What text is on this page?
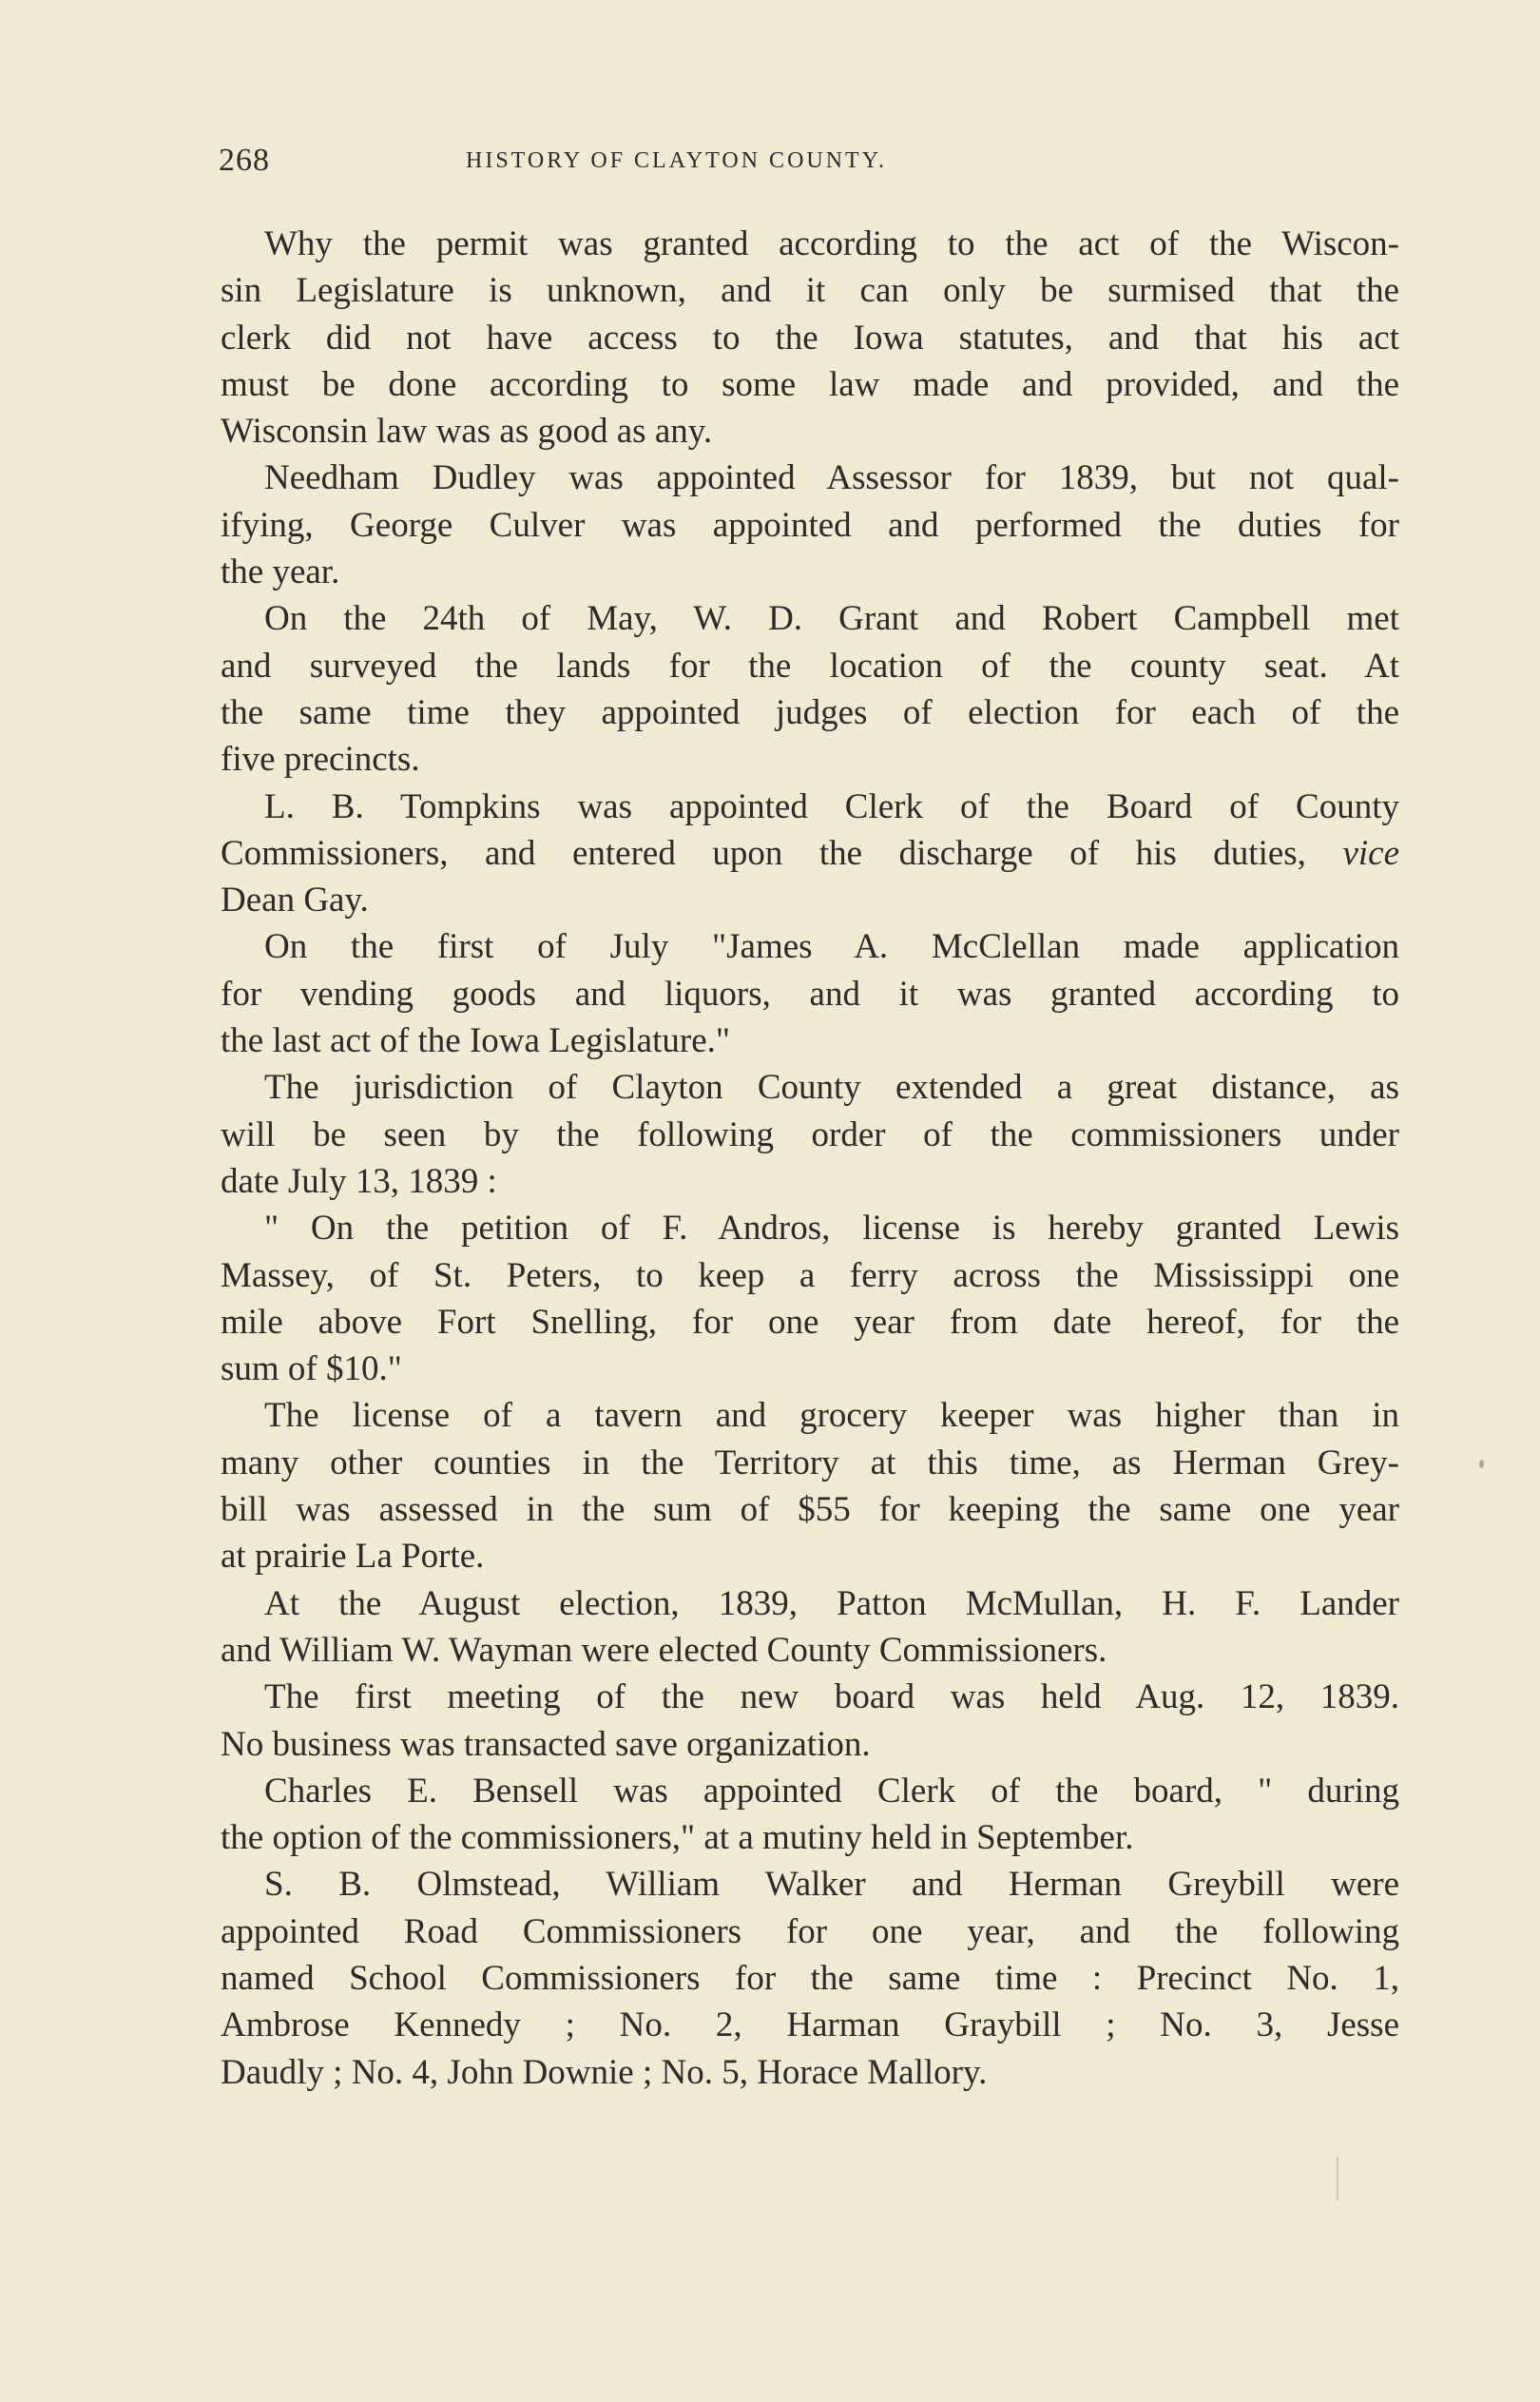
268	HISTORY OF CLAYTON COUNTY.
Why the permit was granted according to the act of the Wiscon-
sin Legislature is unknown, and it can only be surmised that the
clerk did not have access to the Iowa statutes, and that his act
must be done according to some law made and provided, and the
Wisconsin law was as good as any.
Needham Dudley was appointed Assessor for 1839, but not qual-
ifying, George Culver was appointed and performed the duties for
the year.
On the 24th of May, W. D. Grant and Robert Campbell met
and surveyed the lands for the location of the county seat. At
the same time they appointed judges of election for each of the
five precincts.
L. B. Tompkins was appointed Clerk of the Board of County
Commissioners, and entered upon the discharge of his duties, vice
Dean Gay.
On the first of July "James A. McClellan made application
for vending goods and liquors, and it was granted according to
the last act of the Iowa Legislature."
The jurisdiction of Clayton County extended a great distance, as
will be seen by the following order of the commissioners under
date July 13, 1839 :
" On the petition of F. Andros, license is hereby granted Lewis
Massey, of St. Peters, to keep a ferry across the Mississippi one
mile above Fort Snelling, for one year from date hereof, for the
sum of $10."
The license of a tavern and grocery keeper was higher than in
many other counties in the Territory at this time, as Herman Grey-
bill was assessed in the sum of $55 for keeping the same one year
at prairie La Porte.
At the August election, 1839, Patton McMullan, H. F. Lander
and William W. Wayman were elected County Commissioners.
The first meeting of the new board was held Aug. 12, 1839.
No business was transacted save organization.
Charles E. Bensell was appointed Clerk of the board, " during
the option of the commissioners," at a mutiny held in September.
S. B. Olmstead, William Walker and Herman Greybill were
appointed Road Commissioners for one year, and the following
named School Commissioners for the same time : Precinct No. 1,
Ambrose Kennedy ; No. 2, Harman Graybill ; No. 3, Jesse
Daudly ; No. 4, John Downie ; No. 5, Horace Mallory.
